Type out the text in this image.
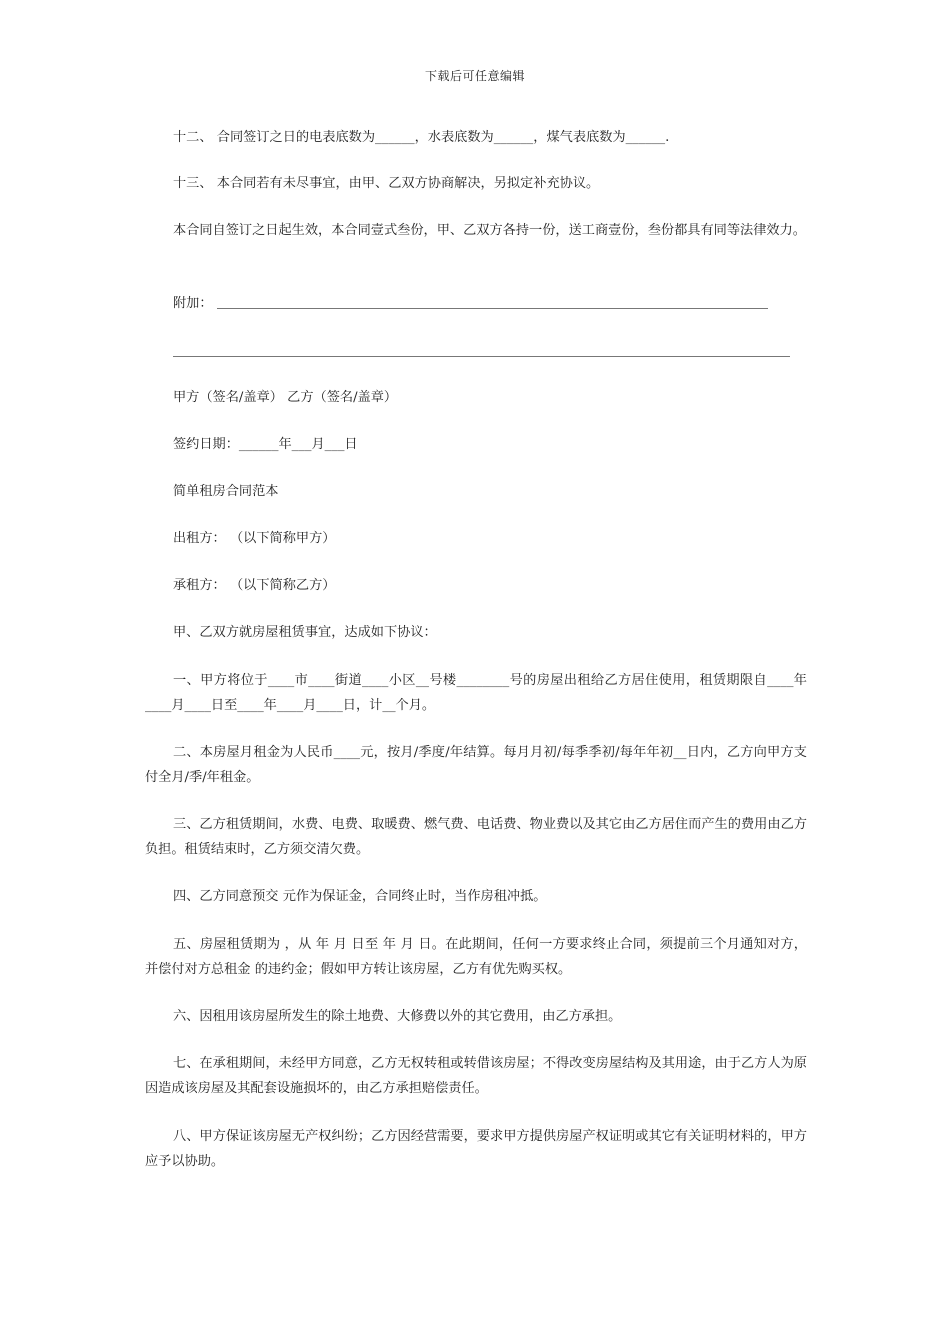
下载后可任意编辑
十二、 合同签订之日的电表底数为______，水表底数为______，煤气表底数为______.
十三、 本合同若有未尽事宜，由甲、乙双方协商解决，另拟定补充协议。
本合同自签订之日起生效，本合同壹式叁份，甲、乙双方各持一份，送工商壹份，叁份都具有同等法律效力。
附加：
甲方（签名/盖章） 乙方（签名/盖章）
签约日期：______年___月___日
简单租房合同范本
出租方： （以下简称甲方）
承租方： （以下简称乙方）
甲、乙双方就房屋租赁事宜，达成如下协议：
一、甲方将位于____市____街道____小区__号楼________号的房屋出租给乙方居住使用，租赁期限自____年____月____日至____年____月____日，计__个月。
二、本房屋月租金为人民币____元，按月/季度/年结算。每月月初/每季季初/每年年初__日内，乙方向甲方支付全月/季/年租金。
三、乙方租赁期间，水费、电费、取暖费、燃气费、电话费、物业费以及其它由乙方居住而产生的费用由乙方负担。租赁结束时，乙方须交清欠费。
四、乙方同意预交 元作为保证金，合同终止时，当作房租冲抵。
五、房屋租赁期为 ，从 年 月 日至 年 月 日。在此期间，任何一方要求终止合同，须提前三个月通知对方，并偿付对方总租金 的违约金；假如甲方转让该房屋，乙方有优先购买权。
六、因租用该房屋所发生的除土地费、大修费以外的其它费用，由乙方承担。
七、在承租期间，未经甲方同意，乙方无权转租或转借该房屋；不得改变房屋结构及其用途，由于乙方人为原因造成该房屋及其配套设施损坏的，由乙方承担赔偿责任。
八、甲方保证该房屋无产权纠纷；乙方因经营需要，要求甲方提供房屋产权证明或其它有关证明材料的，甲方应予以协助。
